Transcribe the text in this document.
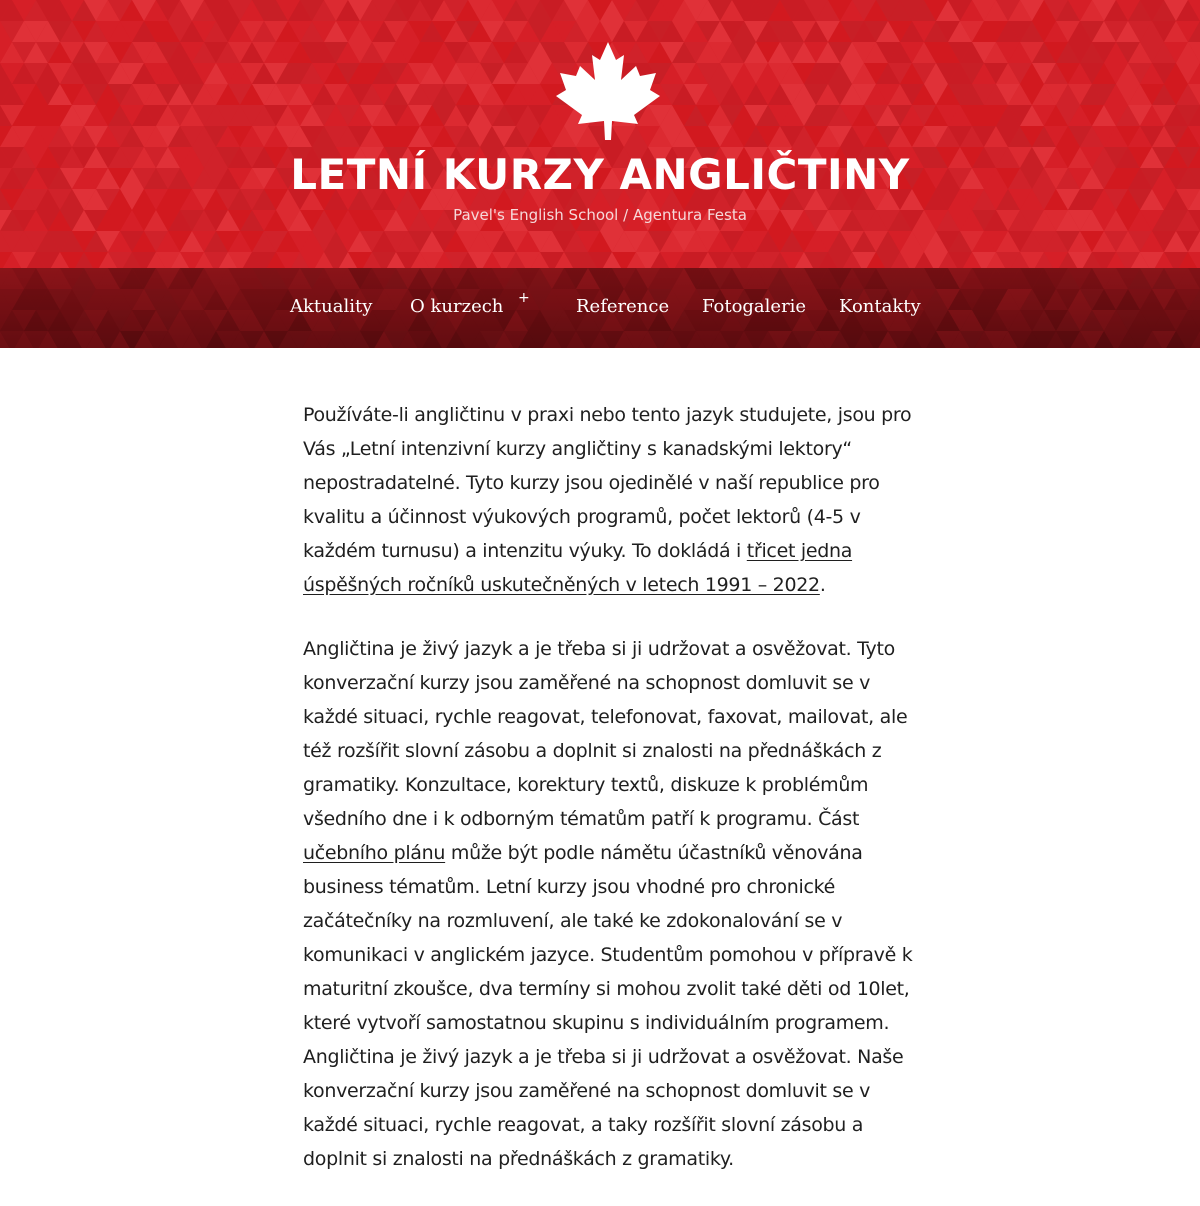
LETNÍ KURZY ANGLIČTINY

Pavel's English School / Agentura Festa

Aktuality O kurzech +	Reference Fotogalerie Kontakty

Používáte-li angličtinu v praxi nebo tento jazyk studujete, jsou pro Vás „Letní intenzivní kurzy angličtiny s kanadskými lektory“ nepostradatelné. Tyto kurzy jsou ojedinělé v naší republice pro kvalitu a účinnost výukových programů, počet lektorů (4-5 v každém turnusu) a intenzitu výuky. To dokládá i třicet jedna úspěšných ročníků uskutečněných v letech 1991 – 2022.

Angličtina je živý jazyk a je třeba si ji udržovat a osvěžovat. Tyto konverzační kurzy jsou zaměřené na schopnost domluvit se v každé situaci, rychle reagovat, telefonovat, faxovat, mailovat, ale též rozšířit slovní zásobu a doplnit si znalosti na přednáškách z gramatiky. Konzultace, korektury textů, diskuze k problémům všedního dne i k odborným tématům patří k programu. Část učebního plánu může být podle námětu účastníků věnována business tématům. Letní kurzy jsou vhodné pro chronické začátečníky na rozmluvení, ale také ke zdokonalování se v komunikaci v anglickém jazyce. Studentům pomohou v přípravě k maturitní zkoušce, dva termíny si mohou zvolit také děti od 10let, které vytvoří samostatnou skupinu s individuálním programem. Angličtina je živý jazyk a je třeba si ji udržovat a osvěžovat. Naše konverzační kurzy jsou zaměřené na schopnost domluvit se v každé situaci, rychle reagovat, a taky rozšířit slovní zásobu a doplnit si znalosti na přednáškách z gramatiky.
